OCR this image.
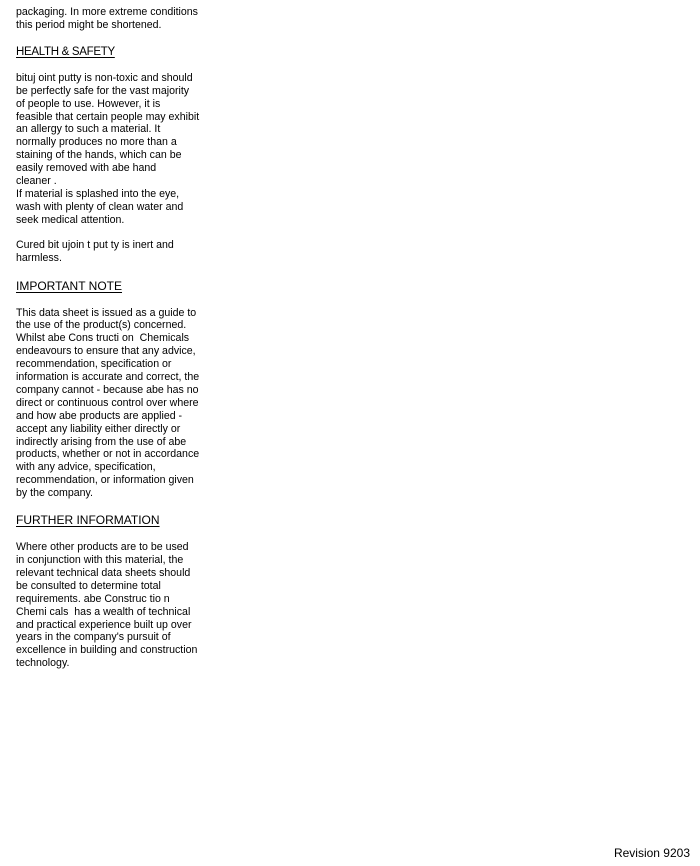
packaging. In more extreme conditions
this period might be shortened.
HEALTH & SAFETY
bituj oint putty is non-toxic and should
be perfectly safe for the vast majority
of people to use. However, it is
feasible that certain people may exhibit
an allergy to such a material. It
normally produces no more than a
staining of the hands, which can be
easily removed with abe hand
cleaner .
If material is splashed into the eye,
wash with plenty of clean water and
seek medical attention.
Cured bit ujoin t put ty is inert and
harmless.
IMPORTANT NOTE
This data sheet is issued as a guide to
the use of the product(s) concerned.
Whilst abe Cons tructi on  Chemicals
endeavours to ensure that any advice,
recommendation, specification or
information is accurate and correct, the
company cannot - because abe has no
direct or continuous control over where
and how abe products are applied -
accept any liability either directly or
indirectly arising from the use of abe
products, whether or not in accordance
with any advice, specification,
recommendation, or information given
by the company.
FURTHER INFORMATION
Where other products are to be used
in conjunction with this material, the
relevant technical data sheets should
be consulted to determine total
requirements. abe Construc tio n
Chemi cals  has a wealth of technical
and practical experience built up over
years in the company's pursuit of
excellence in building and construction
technology.
Revision 9203
